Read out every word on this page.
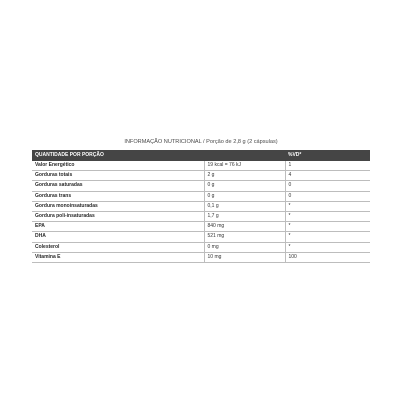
INFORMAÇÃO NUTRICIONAL / Porção de 2,8 g (2 cápsulas)
QUANTIDADE POR PORÇÃO		%VD*
Valor Energético	19 kcal = 76 kJ	1
Gorduras totais	2 g	4
Gorduras saturadas	0 g	0
Gorduras trans	0 g	0
Gordura monoinsaturadas	0,1 g	*
Gordura poli-insaturadas	1,7 g	*
EPA	840 mg	*
DHA	521 mg	*
Colesterol	0 mg	*
Vitamina E	10 mg	100
